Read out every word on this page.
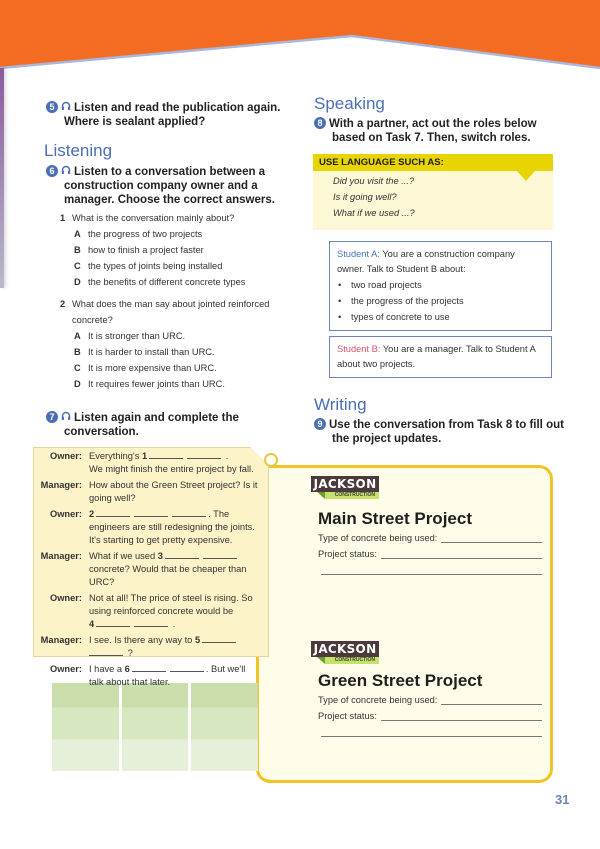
5 Listen and read the publication again.
Where is sealant applied?
Listening
6 Listen to a conversation between a
construction company owner and a
manager. Choose the correct answers.
1 What is the conversation mainly about?
A the progress of two projects
B how to finish a project faster
C the types of joints being installed
D the benefits of different concrete types
2 What does the man say about jointed reinforced
concrete?
A It is stronger than URC.
B It is harder to install than URC.
C It is more expensive than URC.
D It requires fewer joints than URC.
7 Listen again and complete the
conversation.
Owner: Everything's 1	.
We might finish the entire project by fall.
Manager: How about the Green Street project? Is it going well?
Owner: 2	. The engineers are still redesigning the joints. It's starting to get pretty expensive.
Manager: What if we used 3 concrete? Would that be cheaper than URC?
Owner: Not at all! The price of steel is rising. So using reinforced concrete would be
4	.
Manager: I see. Is there any way to 5
?
Owner: I have a 6	. But we'll
talk about that later.
Speaking
8 With a partner, act out the roles below
based on Task 7. Then, switch roles.
USE LANGUAGE SUCH AS:
Did you visit the ...?
Is it going well?
What if we used ...?
Student A: You are a construction company owner. Talk to Student B about:
• two road projects
• the progress of the projects
• types of concrete to use
Student B: You are a manager. Talk to Student A about two projects.
Writing
9 Use the conversation from Task 8 to fill out
the project updates.
JACKSON
CONSTRUCTION
Main Street Project
Type of concrete being used:
Project status:
JACKSON
CONSTRUCTION
Green Street Project
Type of concrete being used:
Project status:
31
